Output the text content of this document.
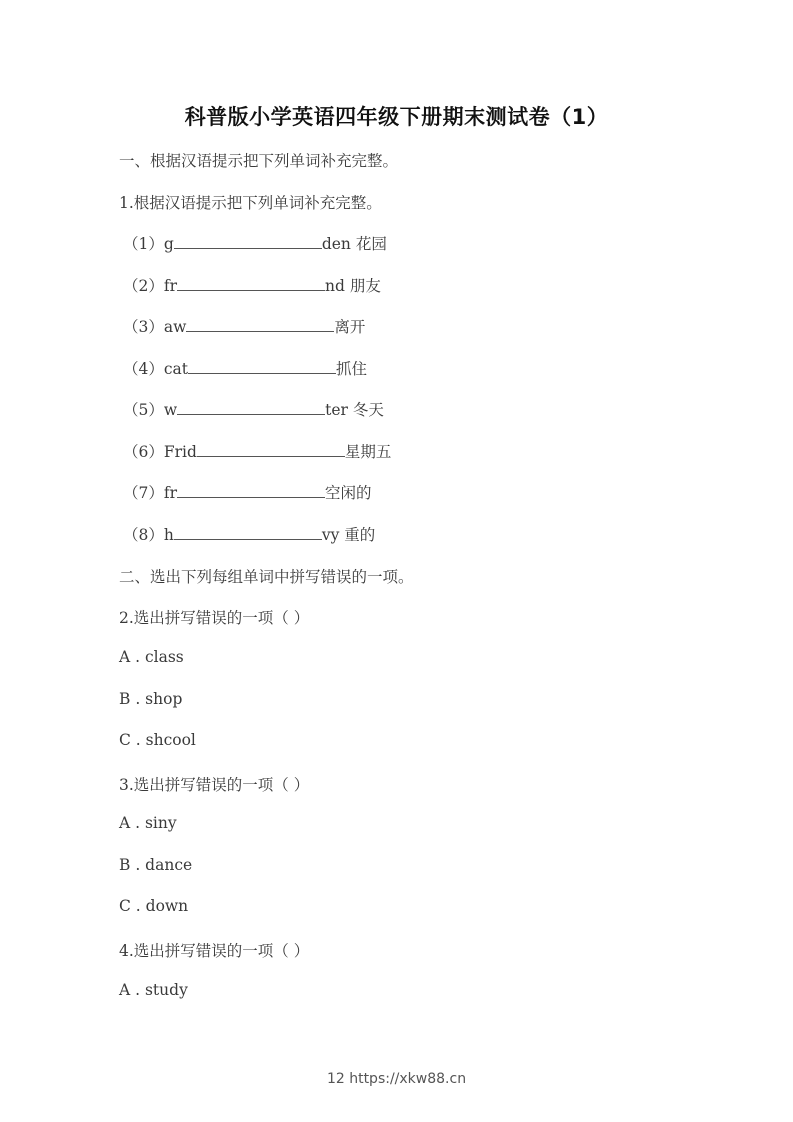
科普版小学英语四年级下册期末测试卷（1）
一、根据汉语提示把下列单词补充完整。
1.根据汉语提示把下列单词补充完整。
（1）g	den 花园
（2）fr	nd 朋友
（3）aw	离开
（4）cat	抓住
（5）w	ter 冬天
（6）Frid	星期五
（7）fr	空闲的
（8）h	vy 重的
二、选出下列每组单词中拼写错误的一项。
2.选出拼写错误的一项（ ）
A . class
B . shop
C . shcool
3.选出拼写错误的一项（ ）
A . siny
B . dance
C . down
4.选出拼写错误的一项（ ）
A . study
12 https://xkw88.cn
